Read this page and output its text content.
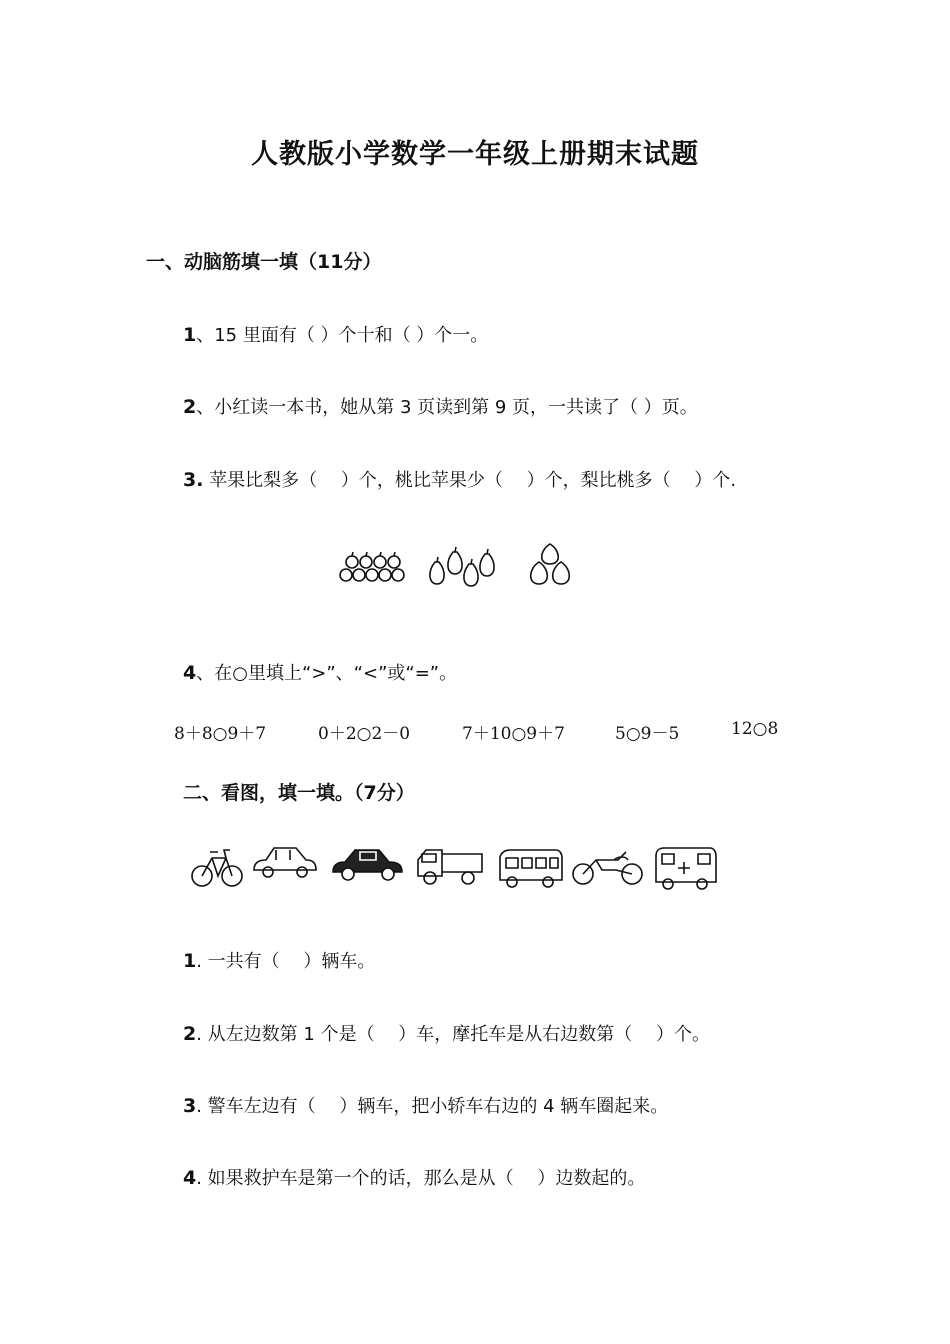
人教版小学数学一年级上册期末试题
一、动脑筋填一填（11分）
1、15 里面有（ ）个十和（ ）个一。
2、小红读一本书，她从第 3 页读到第 9 页，一共读了（ ）页。
3. 苹果比梨多（　 ）个，桃比苹果少（　 ）个，梨比桃多（　 ）个.
4、在○里填上“>”、“<”或“=”。
8＋8○9＋7	0＋2○2－0	7＋10○9＋7	5○9－5	12○8
二、看图，填一填。（7分）
1. 一共有（　 ）辆车。
2. 从左边数第 1 个是（　 ）车，摩托车是从右边数第（　 ）个。
3. 警车左边有（　 ）辆车，把小轿车右边的 4 辆车圈起来。
4. 如果救护车是第一个的话，那么是从（　 ）边数起的。
